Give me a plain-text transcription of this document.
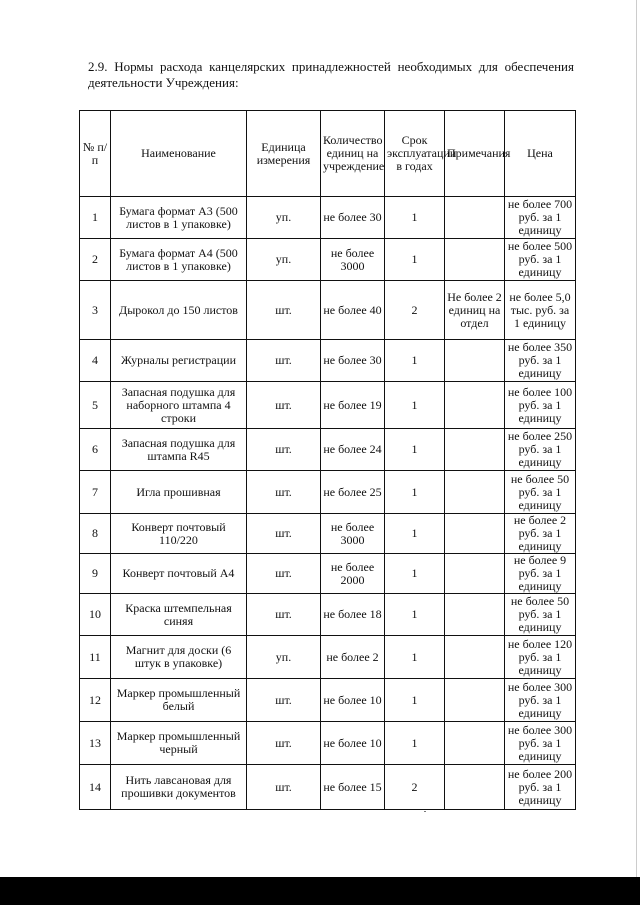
2.9. Нормы расхода канцелярских принадлежностей необходимых для обеспечения
деятельности Учреждения:

№ п/п	Наименование	Единица измерения	Количество единиц на учреждение	Срок эксплуатации в годах	Примечания	Цена
1	Бумага формат А3 (500 листов в 1 упаковке)	уп.	не более 30	1		не более 700 руб. за 1 единицу
2	Бумага формат А4 (500 листов в 1 упаковке)	уп.	не более 3000	1		не более 500 руб. за 1 единицу
3	Дырокол до 150 листов	шт.	не более 40	2	Не более 2 единиц на отдел	не более 5,0 тыс. руб. за 1 единицу
4	Журналы регистрации	шт.	не более 30	1		не более 350 руб. за 1 единицу
5	Запасная подушка для наборного штампа 4 строки	шт.	не более 19	1		не более 100 руб. за 1 единицу
6	Запасная подушка для штампа R45	шт.	не более 24	1		не более 250 руб. за 1 единицу
7	Игла прошивная	шт.	не более 25	1		не более 50 руб. за 1 единицу
8	Конверт почтовый 110/220	шт.	не более 3000	1		не более 2 руб. за 1 единицу
9	Конверт почтовый А4	шт.	не более 2000	1		не более 9 руб. за 1 единицу
10	Краска штемпельная синяя	шт.	не более 18	1		не более 50 руб. за 1 единицу
11	Магнит для доски (6 штук в упаковке)	уп.	не более 2	1		не более 120 руб. за 1 единицу
12	Маркер промышленный белый	шт.	не более 10	1		не более 300 руб. за 1 единицу
13	Маркер промышленный черный	шт.	не более 10	1		не более 300 руб. за 1 единицу
14	Нить лавсановая для прошивки документов	шт.	не более 15	2		не более 200 руб. за 1 единицу
